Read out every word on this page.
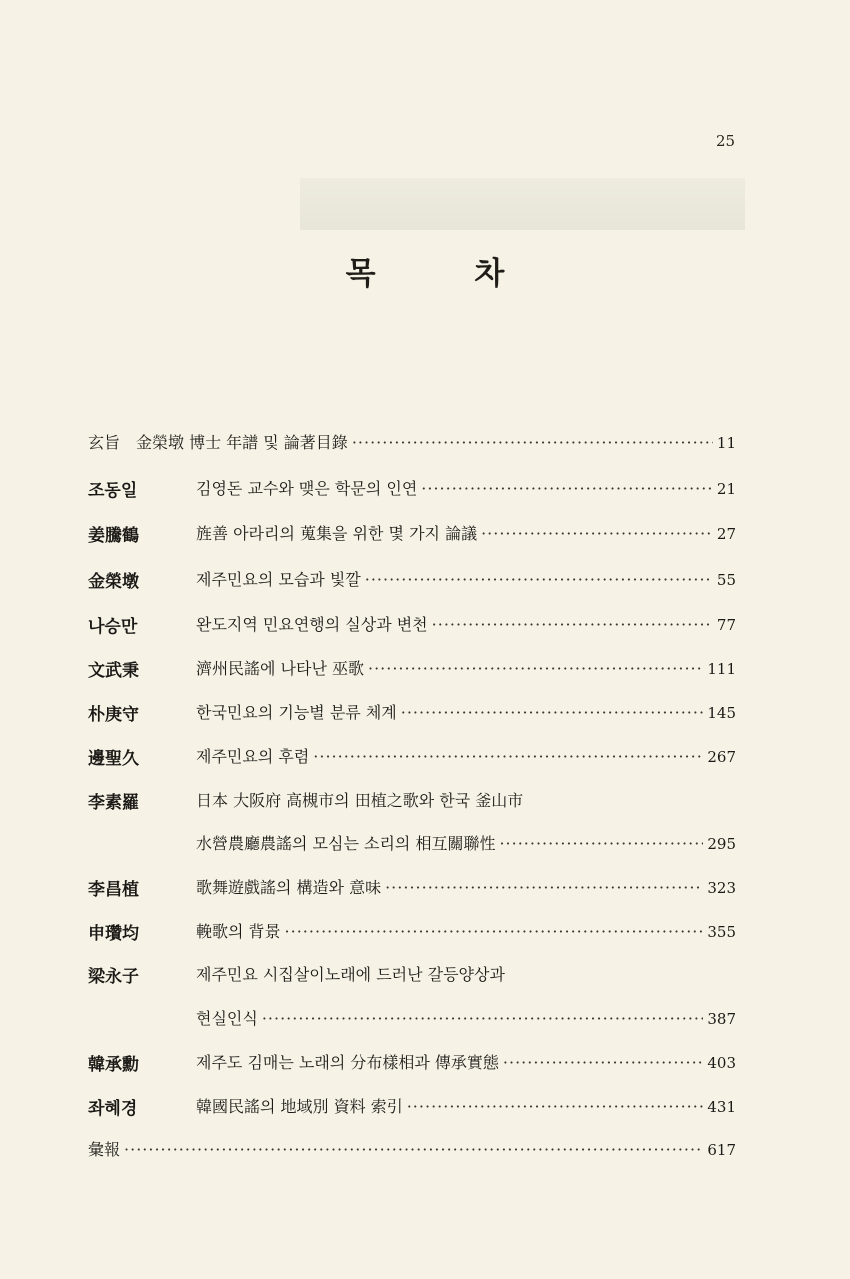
25
목 차
玄旨　金榮墩 博士 年譜 및 論著目錄 ·····	11
조동일	김영돈 교수와 맺은 학문의 인연 ·····	21
姜騰鶴	旌善 아라리의 蒐集을 위한 몇 가지 論議 ·····	27
金榮墩	제주민요의 모습과 빛깔 ·····	55
나승만	완도지역 민요연행의 실상과 변천 ·····	77
文武秉	濟州民謠에 나타난 巫歌 ·····	111
朴庚守	한국민요의 기능별 분류 체계 ·····	145
邊聖久	제주민요의 후렴 ·····	267
李素羅	日本 大阪府 高槻市의 田植之歌와 한국 釜山市
水營農廳農謠의 모심는 소리의 相互關聯性 ·····	295
李昌植	歌舞遊戲謠의 構造와 意味 ·····	323
申瓚均	輓歌의 背景 ·····	355
梁永子	제주민요 시집살이노래에 드러난 갈등양상과
현실인식 ·····	387
韓承勳	제주도 김매는 노래의 分布樣相과 傳承實態 ·····	403
좌혜경	韓國民謠의 地域別 資料 索引 ·····	431
彙報 ·····	617
